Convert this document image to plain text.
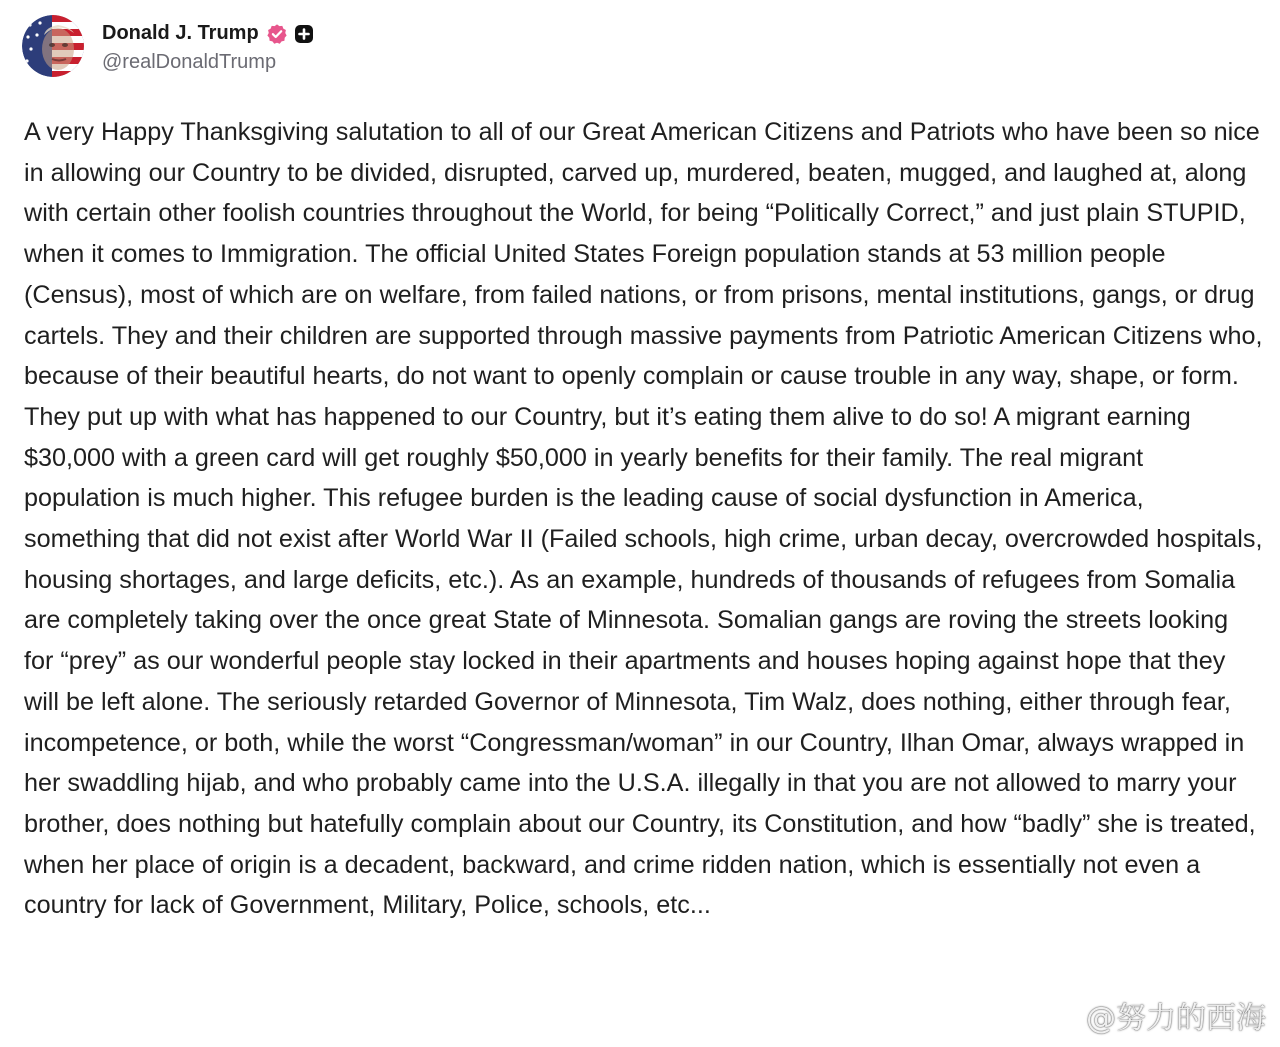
Donald J. Trump
@realDonaldTrump

A very Happy Thanksgiving salutation to all of our Great American Citizens and Patriots who have been so nice in allowing our Country to be divided, disrupted, carved up, murdered, beaten, mugged, and laughed at, along with certain other foolish countries throughout the World, for being “Politically Correct,” and just plain STUPID, when it comes to Immigration. The official United States Foreign population stands at 53 million people (Census), most of which are on welfare, from failed nations, or from prisons, mental institutions, gangs, or drug cartels. They and their children are supported through massive payments from Patriotic American Citizens who, because of their beautiful hearts, do not want to openly complain or cause trouble in any way, shape, or form. They put up with what has happened to our Country, but it’s eating them alive to do so! A migrant earning $30,000 with a green card will get roughly $50,000 in yearly benefits for their family. The real migrant population is much higher. This refugee burden is the leading cause of social dysfunction in America, something that did not exist after World War II (Failed schools, high crime, urban decay, overcrowded hospitals, housing shortages, and large deficits, etc.). As an example, hundreds of thousands of refugees from Somalia are completely taking over the once great State of Minnesota. Somalian gangs are roving the streets looking for “prey” as our wonderful people stay locked in their apartments and houses hoping against hope that they will be left alone. The seriously retarded Governor of Minnesota, Tim Walz, does nothing, either through fear, incompetence, or both, while the worst “Congressman/woman” in our Country, Ilhan Omar, always wrapped in her swaddling hijab, and who probably came into the U.S.A. illegally in that you are not allowed to marry your brother, does nothing but hatefully complain about our Country, its Constitution, and how “badly” she is treated, when her place of origin is a decadent, backward, and crime ridden nation, which is essentially not even a country for lack of Government, Military, Police, schools, etc...

@努力的西海
